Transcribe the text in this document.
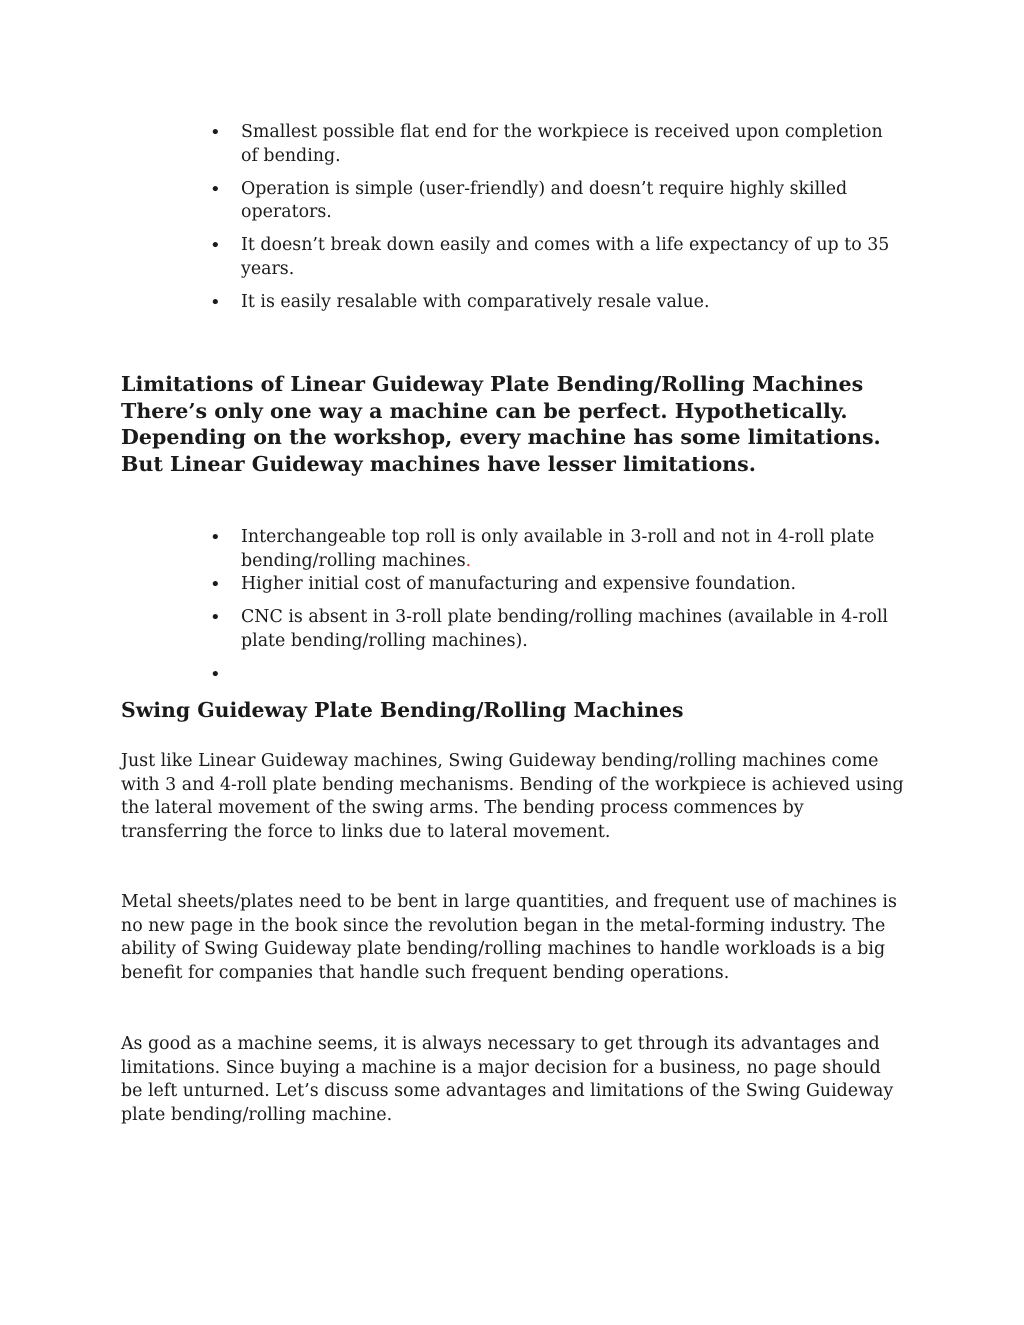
• Smallest possible flat end for the workpiece is received upon completion of bending.
• Operation is simple (user-friendly) and doesn’t require highly skilled operators.
• It doesn’t break down easily and comes with a life expectancy of up to 35 years.
• It is easily resalable with comparatively resale value.
Limitations of Linear Guideway Plate Bending/Rolling Machines There’s only one way a machine can be perfect. Hypothetically. Depending on the workshop, every machine has some limitations. But Linear Guideway machines have lesser limitations.
• Interchangeable top roll is only available in 3-roll and not in 4-roll plate bending/rolling machines.
• Higher initial cost of manufacturing and expensive foundation.
• CNC is absent in 3-roll plate bending/rolling machines (available in 4-roll plate bending/rolling machines).
Swing Guideway Plate Bending/Rolling Machines

Just like Linear Guideway machines, Swing Guideway bending/rolling machines come with 3 and 4-roll plate bending mechanisms. Bending of the workpiece is achieved using the lateral movement of the swing arms. The bending process commences by transferring the force to links due to lateral movement.

Metal sheets/plates need to be bent in large quantities, and frequent use of machines is no new page in the book since the revolution began in the metal-forming industry. The ability of Swing Guideway plate bending/rolling machines to handle workloads is a big benefit for companies that handle such frequent bending operations.

As good as a machine seems, it is always necessary to get through its advantages and limitations. Since buying a machine is a major decision for a business, no page should be left unturned. Let’s discuss some advantages and limitations of the Swing Guideway plate bending/rolling machine.
